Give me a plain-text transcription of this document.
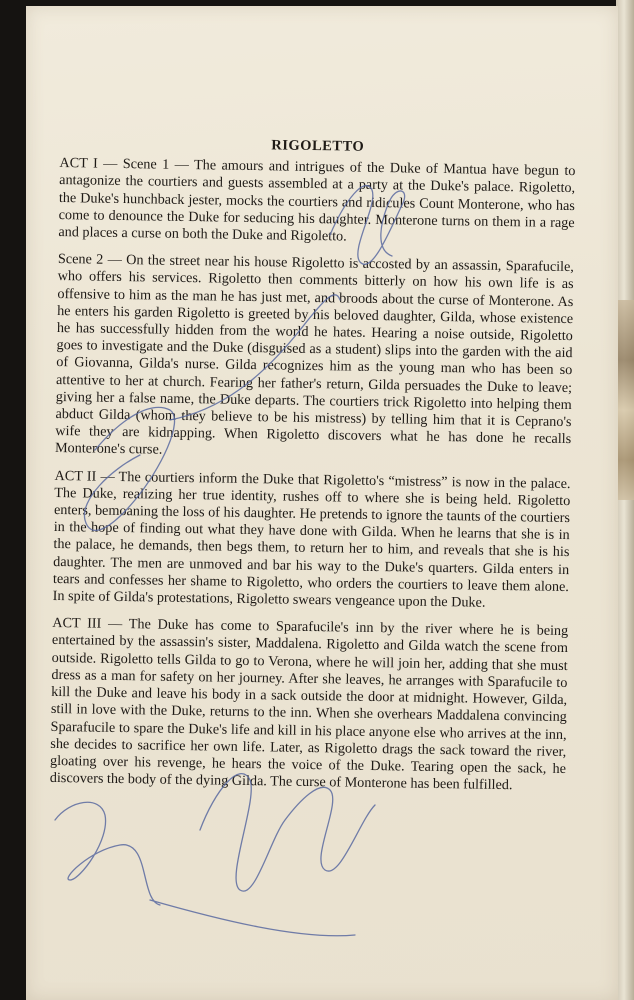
RIGOLETTO

ACT I — Scene 1 — The amours and intrigues of the Duke of Mantua have begun to antagonize the courtiers and guests assembled at a party at the Duke's palace. Rigoletto, the Duke's hunchback jester, mocks the courtiers and ridicules Count Monterone, who has come to denounce the Duke for seducing his daughter. Monterone turns on them in a rage and places a curse on both the Duke and Rigoletto.

Scene 2 — On the street near his house Rigoletto is accosted by an assassin, Sparafucile, who offers his services. Rigoletto then comments bitterly on how his own life is as offensive to him as the man he has just met, and broods about the curse of Monterone. As he enters his garden Rigoletto is greeted by his beloved daughter, Gilda, whose existence he has successfully hidden from the world he hates. Hearing a noise outside, Rigoletto goes to investigate and the Duke (disguised as a student) slips into the garden with the aid of Giovanna, Gilda's nurse. Gilda recognizes him as the young man who has been so attentive to her at church. Fearing her father's return, Gilda persuades the Duke to leave; giving her a false name, the Duke departs. The courtiers trick Rigoletto into helping them abduct Gilda (whom they believe to be his mistress) by telling him that it is Ceprano's wife they are kidnapping. When Rigoletto discovers what he has done he recalls Monterone's curse.

ACT II — The courtiers inform the Duke that Rigoletto's “mistress” is now in the palace. The Duke, realizing her true identity, rushes off to where she is being held. Rigoletto enters, bemoaning the loss of his daughter. He pretends to ignore the taunts of the courtiers in the hope of finding out what they have done with Gilda. When he learns that she is in the palace, he demands, then begs them, to return her to him, and reveals that she is his daughter. The men are unmoved and bar his way to the Duke's quarters. Gilda enters in tears and confesses her shame to Rigoletto, who orders the courtiers to leave them alone. In spite of Gilda's protestations, Rigoletto swears vengeance upon the Duke.

ACT III — The Duke has come to Sparafucile's inn by the river where he is being entertained by the assassin's sister, Maddalena. Rigoletto and Gilda watch the scene from outside. Rigoletto tells Gilda to go to Verona, where he will join her, adding that she must dress as a man for safety on her journey. After she leaves, he arranges with Sparafucile to kill the Duke and leave his body in a sack outside the door at midnight. However, Gilda, still in love with the Duke, returns to the inn. When she overhears Maddalena convincing Sparafucile to spare the Duke's life and kill in his place anyone else who arrives at the inn, she decides to sacrifice her own life. Later, as Rigoletto drags the sack toward the river, gloating over his revenge, he hears the voice of the Duke. Tearing open the sack, he discovers the body of the dying Gilda. The curse of Monterone has been fulfilled.
